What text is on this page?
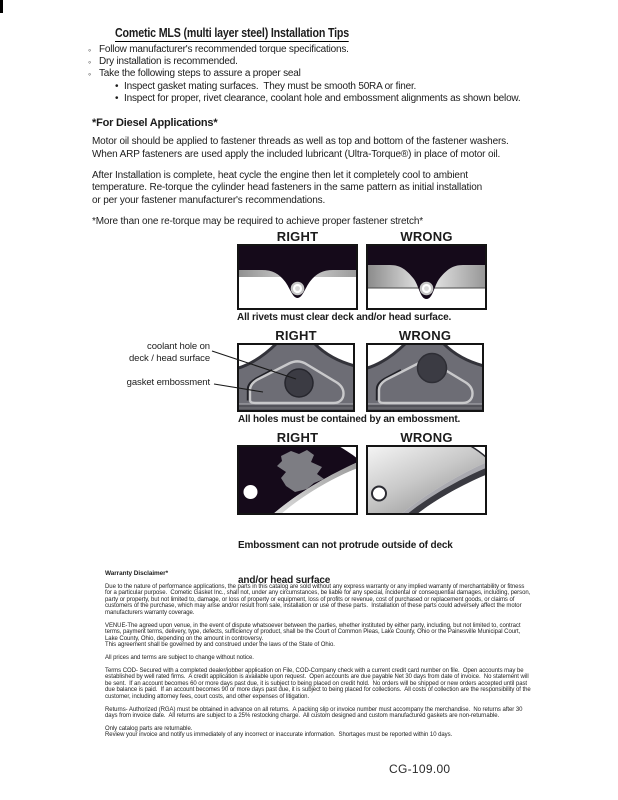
Cometic MLS (multi layer steel) Installation Tips
◦ Follow manufacturer's recommended torque specifications.
◦ Dry installation is recommended.
◦ Take the following steps to assure a proper seal
• Inspect gasket mating surfaces.  They must be smooth 50RA or finer.
• Inspect for proper, rivet clearance, coolant hole and embossment alignments as shown below.
*For Diesel Applications*
Motor oil should be applied to fastener threads as well as top and bottom of the fastener washers.
When ARP fasteners are used apply the included lubricant (Ultra-Torque®) in place of motor oil.
After Installation is complete, heat cycle the engine then let it completely cool to ambient
temperature. Re-torque the cylinder head fasteners in the same pattern as initial installation
or per your fastener manufacturer's recommendations.
*More than one re-torque may be required to achieve proper fastener stretch*
RIGHT	WRONG
All rivets must clear deck and/or head surface.
RIGHT	WRONG
coolant hole on
deck / head surface
gasket embossment
All holes must be contained by an embossment.
RIGHT	WRONG

Embossment can not protrude outside of deck

and/or head surface

Warranty Disclaimer*

Due to the nature of performance applications, the parts in this catalog are sold without any express warranty or any implied warranty of merchantability or fitness for a particular purpose.  Cometic Gasket Inc., shall not, under any circumstances, be liable for any special, incidental or consequential damages, including, person, party or property, but not limited to, damage, or loss of property or equipment, loss of profits or revenue, cost of purchased or replacement goods, or claims of customers of the purchase, which may arise and/or result from sale, installation or use of these parts.  Installation of these parts could adversely affect the motor manufacturers warranty coverage.

VENUE-The agreed upon venue, in the event of dispute whatsoever between the parties, whether instituted by either party, including, but not limited to, contract terms, payment terms, delivery, type, defects, sufficiency of product, shall be the Court of Common Pleas, Lake County, Ohio or the Painesville Municipal Court, Lake County, Ohio, depending on the amount in controversy.

This agreement shall be governed by and construed under the laws of the State of Ohio.

All prices and terms are subject to change without notice.

Terms COD- Secured with a completed dealer/jobber application on File, COD-Company check with a current credit card number on file.  Open accounts may be established by well rated firms.  A credit application is available upon request.  Open accounts are due payable Net 30 days from date of invoice.  No statement will be sent.  If an account becomes 60 or more days past due, it is subject to being placed on credit hold.  No orders will be shipped or new orders accepted until past due balance is paid.  If an account becomes 90 or more days past due, it is subject to being placed for collections.  All costs of collection are the responsibility of the customer, including attorney fees, court costs, and other expenses of litigation.

Returns- Authorized (RGA) must be obtained in advance on all returns.  A packing slip or invoice number must accompany the merchandise.  No returns after 30 days from invoice date.  All returns are subject to a 25% restocking charge.  All custom designed and custom manufactured gaskets are non-returnable.

Only catalog parts are returnable.

Review your invoice and notify us immediately of any incorrect or inaccurate information.  Shortages must be reported within 10 days.

CG-109.00
